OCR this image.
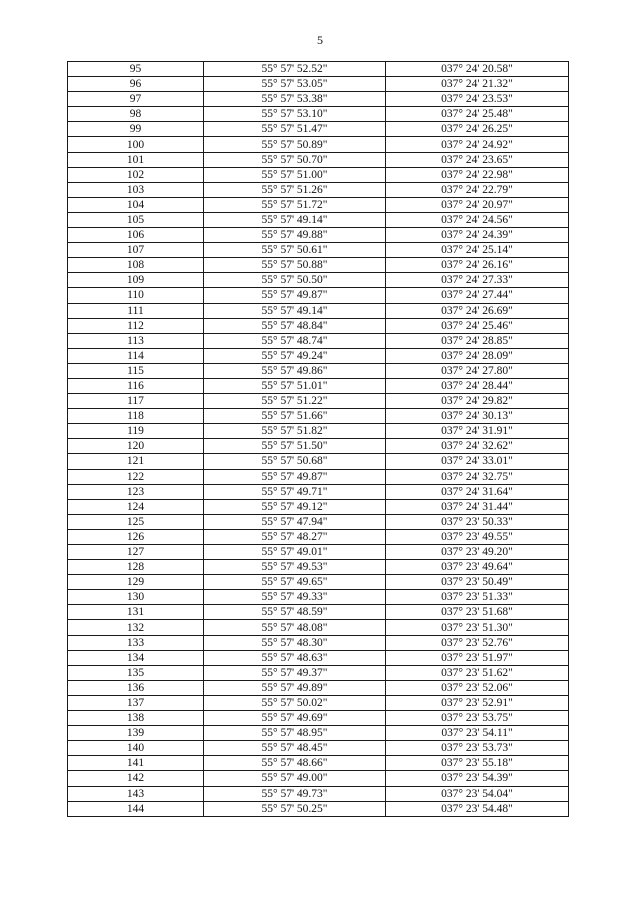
5
95	55° 57' 52.52"	037° 24' 20.58"
96	55° 57' 53.05"	037° 24' 21.32"
97	55° 57' 53.38"	037° 24' 23.53"
98	55° 57' 53.10"	037° 24' 25.48"
99	55° 57' 51.47"	037° 24' 26.25"
100	55° 57' 50.89"	037° 24' 24.92"
101	55° 57' 50.70"	037° 24' 23.65"
102	55° 57' 51.00"	037° 24' 22.98"
103	55° 57' 51.26"	037° 24' 22.79"
104	55° 57' 51.72"	037° 24' 20.97"
105	55° 57' 49.14"	037° 24' 24.56"
106	55° 57' 49.88"	037° 24' 24.39"
107	55° 57' 50.61"	037° 24' 25.14"
108	55° 57' 50.88"	037° 24' 26.16"
109	55° 57' 50.50"	037° 24' 27.33"
110	55° 57' 49.87"	037° 24' 27.44"
111	55° 57' 49.14"	037° 24' 26.69"
112	55° 57' 48.84"	037° 24' 25.46"
113	55° 57' 48.74"	037° 24' 28.85"
114	55° 57' 49.24"	037° 24' 28.09"
115	55° 57' 49.86"	037° 24' 27.80"
116	55° 57' 51.01"	037° 24' 28.44"
117	55° 57' 51.22"	037° 24' 29.82"
118	55° 57' 51.66"	037° 24' 30.13"
119	55° 57' 51.82"	037° 24' 31.91"
120	55° 57' 51.50"	037° 24' 32.62"
121	55° 57' 50.68"	037° 24' 33.01"
122	55° 57' 49.87"	037° 24' 32.75"
123	55° 57' 49.71"	037° 24' 31.64"
124	55° 57' 49.12"	037° 24' 31.44"
125	55° 57' 47.94"	037° 23' 50.33"
126	55° 57' 48.27"	037° 23' 49.55"
127	55° 57' 49.01"	037° 23' 49.20"
128	55° 57' 49.53"	037° 23' 49.64"
129	55° 57' 49.65"	037° 23' 50.49"
130	55° 57' 49.33"	037° 23' 51.33"
131	55° 57' 48.59"	037° 23' 51.68"
132	55° 57' 48.08"	037° 23' 51.30"
133	55° 57' 48.30"	037° 23' 52.76"
134	55° 57' 48.63"	037° 23' 51.97"
135	55° 57' 49.37"	037° 23' 51.62"
136	55° 57' 49.89"	037° 23' 52.06"
137	55° 57' 50.02"	037° 23' 52.91"
138	55° 57' 49.69"	037° 23' 53.75"
139	55° 57' 48.95"	037° 23' 54.11"
140	55° 57' 48.45"	037° 23' 53.73"
141	55° 57' 48.66"	037° 23' 55.18"
142	55° 57' 49.00"	037° 23' 54.39"
143	55° 57' 49.73"	037° 23' 54.04"
144	55° 57' 50.25"	037° 23' 54.48"
